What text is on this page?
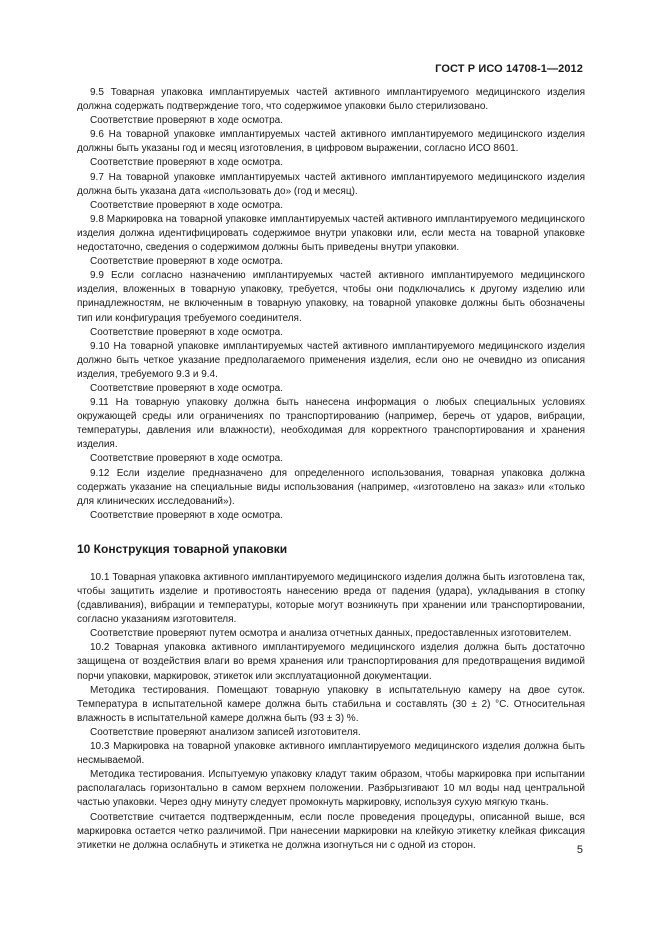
ГОСТ Р ИСО 14708-1—2012

9.5 Товарная упаковка имплантируемых частей активного имплантируемого медицинского изделия должна содержать подтверждение того, что содержимое упаковки было стерилизовано.

Соответствие проверяют в ходе осмотра.

9.6 На товарной упаковке имплантируемых частей активного имплантируемого медицинского изделия должны быть указаны год и месяц изготовления, в цифровом выражении, согласно ИСО 8601.

Соответствие проверяют в ходе осмотра.

9.7 На товарной упаковке имплантируемых частей активного имплантируемого медицинского изделия должна быть указана дата «использовать до» (год и месяц).

Соответствие проверяют в ходе осмотра.

9.8 Маркировка на товарной упаковке имплантируемых частей активного имплантируемого медицинского изделия должна идентифицировать содержимое внутри упаковки или, если места на товарной упаковке недостаточно, сведения о содержимом должны быть приведены внутри упаковки.

Соответствие проверяют в ходе осмотра.

9.9 Если согласно назначению имплантируемых частей активного имплантируемого медицинского изделия, вложенных в товарную упаковку, требуется, чтобы они подключались к другому изделию или принадлежностям, не включенным в товарную упаковку, на товарной упаковке должны быть обозначены тип или конфигурация требуемого соединителя.

Соответствие проверяют в ходе осмотра.

9.10 На товарной упаковке имплантируемых частей активного имплантируемого медицинского изделия должно быть четкое указание предполагаемого применения изделия, если оно не очевидно из описания изделия, требуемого 9.3 и 9.4.

Соответствие проверяют в ходе осмотра.

9.11 На товарную упаковку должна быть нанесена информация о любых специальных условиях окружающей среды или ограничениях по транспортированию (например, беречь от ударов, вибрации, температуры, давления или влажности), необходимая для корректного транспортирования и хранения изделия.

Соответствие проверяют в ходе осмотра.

9.12 Если изделие предназначено для определенного использования, товарная упаковка должна содержать указание на специальные виды использования (например, «изготовлено на заказ» или «только для клинических исследований»).

Соответствие проверяют в ходе осмотра.

10 Конструкция товарной упаковки

10.1 Товарная упаковка активного имплантируемого медицинского изделия должна быть изготовлена так, чтобы защитить изделие и противостоять нанесению вреда от падения (удара), укладывания в стопку (сдавливания), вибрации и температуры, которые могут возникнуть при хранении или транспортировании, согласно указаниям изготовителя.

Соответствие проверяют путем осмотра и анализа отчетных данных, предоставленных изготовителем.

10.2 Товарная упаковка активного имплантируемого медицинского изделия должна быть достаточно защищена от воздействия влаги во время хранения или транспортирования для предотвращения видимой порчи упаковки, маркировок, этикеток или эксплуатационной документации.

Методика тестирования. Помещают товарную упаковку в испытательную камеру на двое суток. Температура в испытательной камере должна быть стабильна и составлять (30 ± 2) °С. Относительная влажность в испытательной камере должна быть (93 ± 3) %.

Соответствие проверяют анализом записей изготовителя.

10.3 Маркировка на товарной упаковке активного имплантируемого медицинского изделия должна быть несмываемой.

Методика тестирования. Испытуемую упаковку кладут таким образом, чтобы маркировка при испытании располагалась горизонтально в самом верхнем положении. Разбрызгивают 10 мл воды над центральной частью упаковки. Через одну минуту следует промокнуть маркировку, используя сухую мягкую ткань.

Соответствие считается подтвержденным, если после проведения процедуры, описанной выше, вся маркировка остается четко различимой. При нанесении маркировки на клейкую этикетку клейкая фиксация этикетки не должна ослабнуть и этикетка не должна изогнуться ни с одной из сторон.	5
